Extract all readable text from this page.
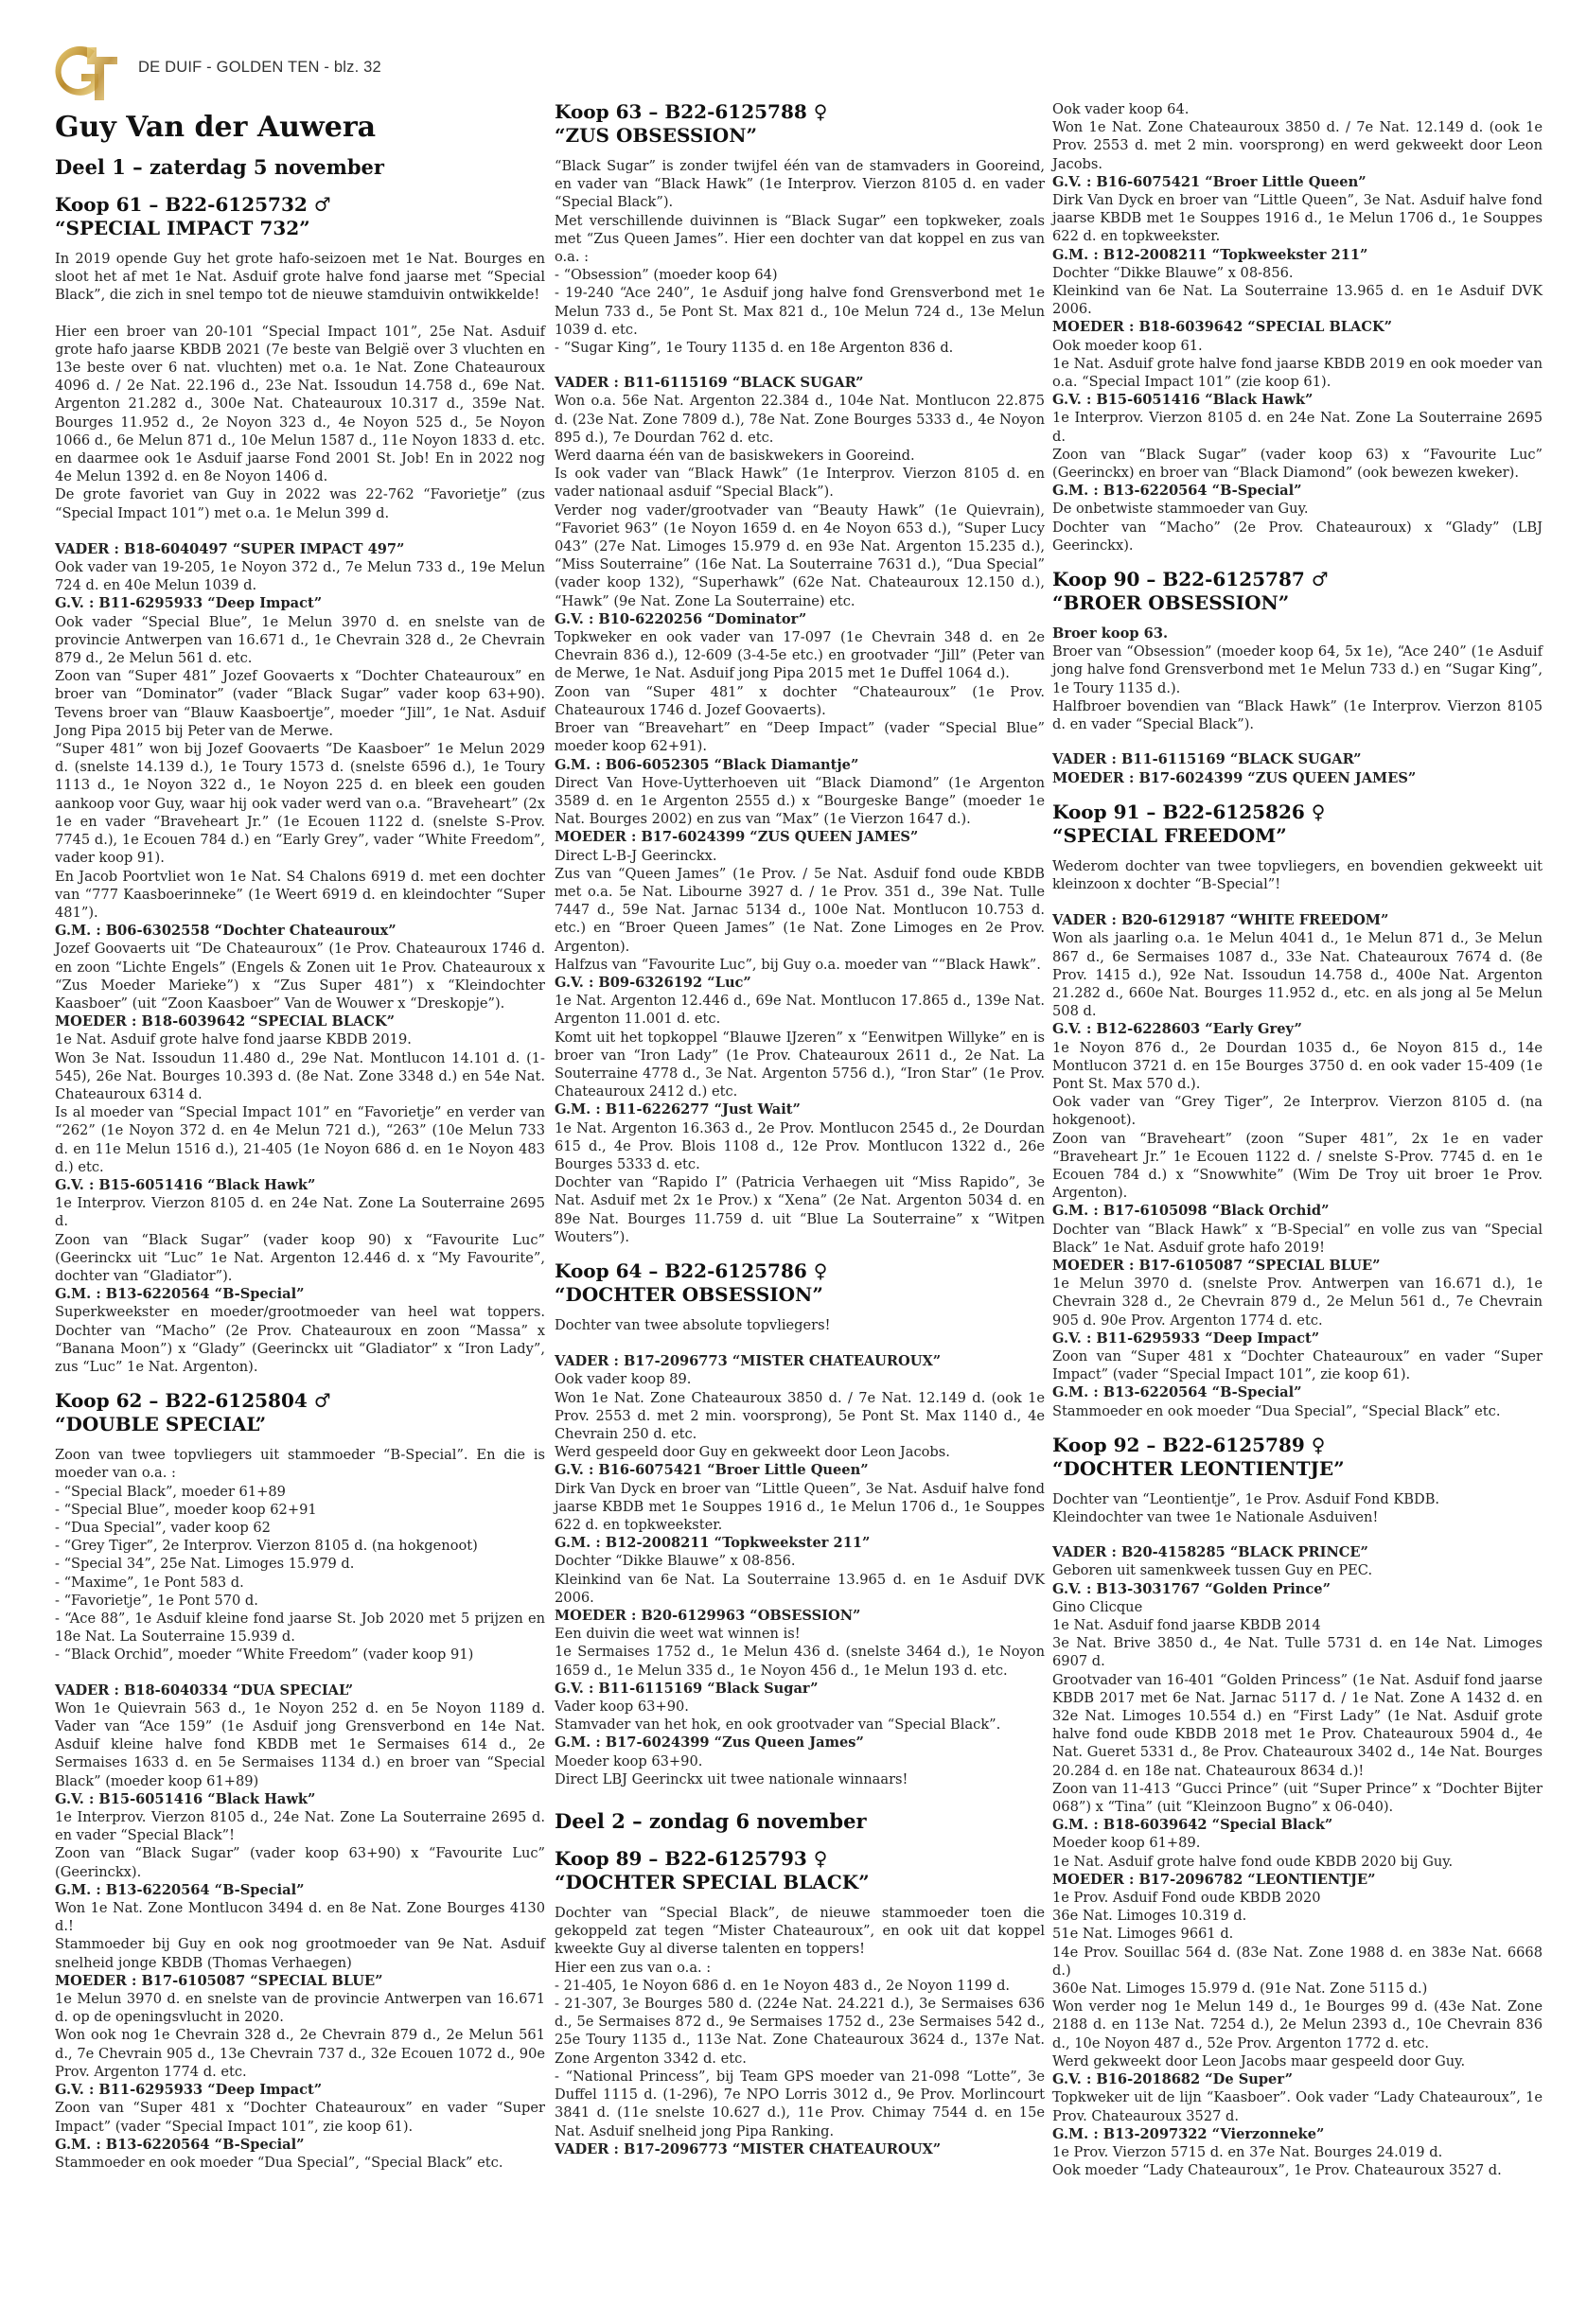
DE DUIF - GOLDEN TEN - blz. 32
Guy Van der Auwera
Deel 1 – zaterdag 5 november
Koop 61 – B22-6125732 ♂
“SPECIAL IMPACT 732”

In 2019 opende Guy het grote hafo-seizoen met 1e Nat. Bourges en sloot het af met 1e Nat. Asduif grote halve fond jaarse met “Special Black”, die zich in snel tempo tot de nieuwe stamduivin ontwikkelde!

Hier een broer van 20-101 “Special Impact 101”, 25e Nat. Asduif grote hafo jaarse KBDB 2021 (7e beste van België over 3 vluchten en 13e beste over 6 nat. vluchten) met o.a. 1e Nat. Zone Chateauroux 4096 d. / 2e Nat. 22.196 d., 23e Nat. Issoudun 14.758 d., 69e Nat. Argenton 21.282 d., 300e Nat. Chateauroux 10.317 d., 359e Nat. Bourges 11.952 d., 2e Noyon 323 d., 4e Noyon 525 d., 5e Noyon 1066 d., 6e Melun 871 d., 10e Melun 1587 d., 11e Noyon 1833 d. etc. en daarmee ook 1e Asduif jaarse Fond 2001 St. Job! En in 2022 nog 4e Melun 1392 d. en 8e Noyon 1406 d.

De grote favoriet van Guy in 2022 was 22-762 “Favorietje” (zus “Special Impact 101”) met o.a. 1e Melun 399 d.

VADER : B18-6040497 “SUPER IMPACT 497”

Ook vader van 19-205, 1e Noyon 372 d., 7e Melun 733 d., 19e Melun 724 d. en 40e Melun 1039 d.

G.V. : B11-6295933 “Deep Impact”

Ook vader “Special Blue”, 1e Melun 3970 d. en snelste van de provincie Antwerpen van 16.671 d., 1e Chevrain 328 d., 2e Chevrain 879 d., 2e Melun 561 d. etc.

Zoon van “Super 481” Jozef Goovaerts x “Dochter Chateauroux” en broer van “Dominator” (vader “Black Sugar” vader koop 63+90). Tevens broer van “Blauw Kaasboertje”, moeder “Jill”, 1e Nat. Asduif Jong Pipa 2015 bij Peter van de Merwe.

“Super 481” won bij Jozef Goovaerts “De Kaasboer” 1e Melun 2029 d. (snelste 14.139 d.), 1e Toury 1573 d. (snelste 6596 d.), 1e Toury 1113 d., 1e Noyon 322 d., 1e Noyon 225 d. en bleek een gouden aankoop voor Guy, waar hij ook vader werd van o.a. “Braveheart” (2x 1e en vader “Braveheart Jr.” (1e Ecouen 1122 d. (snelste S-Prov. 7745 d.), 1e Ecouen 784 d.) en “Early Grey”, vader “White Freedom”, vader koop 91).

En Jacob Poortvliet won 1e Nat. S4 Chalons 6919 d. met een dochter van “777 Kaasboerinneke” (1e Weert 6919 d. en kleindochter “Super 481”).

G.M. : B06-6302558 “Dochter Chateauroux”

Jozef Goovaerts uit “De Chateauroux” (1e Prov. Chateauroux 1746 d. en zoon “Lichte Engels” (Engels & Zonen uit 1e Prov. Chateauroux x “Zus Moeder Marieke”) x “Zus Super 481”) x “Kleindochter Kaasboer” (uit “Zoon Kaasboer” Van de Wouwer x “Dreskopje”).

MOEDER : B18-6039642 “SPECIAL BLACK”

1e Nat. Asduif grote halve fond jaarse KBDB 2019.

Won 3e Nat. Issoudun 11.480 d., 29e Nat. Montlucon 14.101 d. (1-545), 26e Nat. Bourges 10.393 d. (8e Nat. Zone 3348 d.) en 54e Nat. Chateauroux 6314 d.

Is al moeder van “Special Impact 101” en “Favorietje” en verder van “262” (1e Noyon 372 d. en 4e Melun 721 d.), “263” (10e Melun 733 d. en 11e Melun 1516 d.), 21-405 (1e Noyon 686 d. en 1e Noyon 483 d.) etc.

G.V. : B15-6051416 “Black Hawk”

1e Interprov. Vierzon 8105 d. en 24e Nat. Zone La Souterraine 2695 d.

Zoon van “Black Sugar” (vader koop 90) x “Favourite Luc” (Geerinckx uit “Luc” 1e Nat. Argenton 12.446 d. x “My Favourite”, dochter van “Gladiator”).

G.M. : B13-6220564 “B-Special”

Superkweekster en moeder/grootmoeder van heel wat toppers. Dochter van “Macho” (2e Prov. Chateauroux en zoon “Massa” x “Banana Moon”) x “Glady” (Geerinckx uit “Gladiator” x “Iron Lady”, zus “Luc” 1e Nat. Argenton).

Koop 62 – B22-6125804 ♂
“DOUBLE SPECIAL”

Zoon van twee topvliegers uit stammoeder “B-Special”. En die is moeder van o.a. :

- “Special Black”, moeder 61+89

- “Special Blue”, moeder koop 62+91

- “Dua Special”, vader koop 62

- “Grey Tiger”, 2e Interprov. Vierzon 8105 d. (na hokgenoot)

- “Special 34”, 25e Nat. Limoges 15.979 d.

- “Maxime”, 1e Pont 583 d.

- “Favorietje”, 1e Pont 570 d.

- “Ace 88”, 1e Asduif kleine fond jaarse St. Job 2020 met 5 prijzen en 18e Nat. La Souterraine 15.939 d.

- “Black Orchid”, moeder “White Freedom” (vader koop 91)

VADER : B18-6040334 “DUA SPECIAL”

Won 1e Quievrain 563 d., 1e Noyon 252 d. en 5e Noyon 1189 d. Vader van “Ace 159” (1e Asduif jong Grensverbond en 14e Nat. Asduif kleine halve fond KBDB met 1e Sermaises 614 d., 2e Sermaises 1633 d. en 5e Sermaises 1134 d.) en broer van “Special Black” (moeder koop 61+89)

G.V. : B15-6051416 “Black Hawk”

1e Interprov. Vierzon 8105 d., 24e Nat. Zone La Souterraine 2695 d. en vader “Special Black”!

Zoon van “Black Sugar” (vader koop 63+90) x “Favourite Luc” (Geerinckx).

G.M. : B13-6220564 “B-Special”

Won 1e Nat. Zone Montlucon 3494 d. en 8e Nat. Zone Bourges 4130 d.!

Stammoeder bij Guy en ook nog grootmoeder van 9e Nat. Asduif snelheid jonge KBDB (Thomas Verhaegen)

MOEDER : B17-6105087 “SPECIAL BLUE”

1e Melun 3970 d. en snelste van de provincie Antwerpen van 16.671 d. op de openingsvlucht in 2020.

Won ook nog 1e Chevrain 328 d., 2e Chevrain 879 d., 2e Melun 561 d., 7e Chevrain 905 d., 13e Chevrain 737 d., 32e Ecouen 1072 d., 90e Prov. Argenton 1774 d. etc.

G.V. : B11-6295933 “Deep Impact”

Zoon van “Super 481 x “Dochter Chateauroux” en vader “Super Impact” (vader “Special Impact 101”, zie koop 61).

G.M. : B13-6220564 “B-Special”

Stammoeder en ook moeder “Dua Special”, “Special Black” etc.

Koop 63 – B22-6125788 ♀
“ZUS OBSESSION”

“Black Sugar” is zonder twijfel één van de stamvaders in Gooreind, en vader van “Black Hawk” (1e Interprov. Vierzon 8105 d. en vader “Special Black”).

Met verschillende duivinnen is “Black Sugar” een topkweker, zoals met “Zus Queen James”. Hier een dochter van dat koppel en zus van o.a. :

- “Obsession” (moeder koop 64)

- 19-240 “Ace 240”, 1e Asduif jong halve fond Grensverbond met 1e Melun 733 d., 5e Pont St. Max 821 d., 10e Melun 724 d., 13e Melun 1039 d. etc.

- “Sugar King”, 1e Toury 1135 d. en 18e Argenton 836 d.

VADER : B11-6115169 “BLACK SUGAR”

Won o.a. 56e Nat. Argenton 22.384 d., 104e Nat. Montlucon 22.875 d. (23e Nat. Zone 7809 d.), 78e Nat. Zone Bourges 5333 d., 4e Noyon 895 d.), 7e Dourdan 762 d. etc.

Werd daarna één van de basiskwekers in Gooreind.

Is ook vader van “Black Hawk” (1e Interprov. Vierzon 8105 d. en vader nationaal asduif “Special Black”).

Verder nog vader/grootvader van “Beauty Hawk” (1e Quievrain), “Favoriet 963” (1e Noyon 1659 d. en 4e Noyon 653 d.), “Super Lucy 043” (27e Nat. Limoges 15.979 d. en 93e Nat. Argenton 15.235 d.), “Miss Souterraine” (16e Nat. La Souterraine 7631 d.), “Dua Special” (vader koop 132), “Superhawk” (62e Nat. Chateauroux 12.150 d.), “Hawk” (9e Nat. Zone La Souterraine) etc.

G.V. : B10-6220256 “Dominator”

Topkweker en ook vader van 17-097 (1e Chevrain 348 d. en 2e Chevrain 836 d.), 12-609 (3-4-5e etc.) en grootvader “Jill” (Peter van de Merwe, 1e Nat. Asduif jong Pipa 2015 met 1e Duffel 1064 d.).

Zoon van “Super 481” x dochter “Chateauroux” (1e Prov. Chateauroux 1746 d. Jozef Goovaerts).

Broer van “Breavehart” en “Deep Impact” (vader “Special Blue” moeder koop 62+91).

G.M. : B06-6052305 “Black Diamantje”

Direct Van Hove-Uytterhoeven uit “Black Diamond” (1e Argenton 3589 d. en 1e Argenton 2555 d.) x “Bourgeske Bange” (moeder 1e Nat. Bourges 2002) en zus van “Max” (1e Vierzon 1647 d.).

MOEDER : B17-6024399 “ZUS QUEEN JAMES”

Direct L-B-J Geerinckx.

Zus van “Queen James” (1e Prov. / 5e Nat. Asduif fond oude KBDB met o.a. 5e Nat. Libourne 3927 d. / 1e Prov. 351 d., 39e Nat. Tulle 7447 d., 59e Nat. Jarnac 5134 d., 100e Nat. Montlucon 10.753 d. etc.) en “Broer Queen James” (1e Nat. Zone Limoges en 2e Prov. Argenton).

Halfzus van “Favourite Luc”, bij Guy o.a. moeder van ““Black Hawk”.

G.V. : B09-6326192 “Luc”

1e Nat. Argenton 12.446 d., 69e Nat. Montlucon 17.865 d., 139e Nat. Argenton 11.001 d. etc.

Komt uit het topkoppel “Blauwe IJzeren” x “Eenwitpen Willyke” en is broer van “Iron Lady” (1e Prov. Chateauroux 2611 d., 2e Nat. La Souterraine 4778 d., 3e Nat. Argenton 5756 d.), “Iron Star” (1e Prov. Chateauroux 2412 d.) etc.

G.M. : B11-6226277 “Just Wait”

1e Nat. Argenton 16.363 d., 2e Prov. Montlucon 2545 d., 2e Dourdan 615 d., 4e Prov. Blois 1108 d., 12e Prov. Montlucon 1322 d., 26e Bourges 5333 d. etc.

Dochter van “Rapido I” (Patricia Verhaegen uit “Miss Rapido”, 3e Nat. Asduif met 2x 1e Prov.) x “Xena” (2e Nat. Argenton 5034 d. en 89e Nat. Bourges 11.759 d. uit “Blue La Souterraine” x “Witpen Wouters”).

Koop 64 – B22-6125786 ♀
“DOCHTER OBSESSION”

Dochter van twee absolute topvliegers!

VADER : B17-2096773 “MISTER CHATEAUROUX”

Ook vader koop 89.

Won 1e Nat. Zone Chateauroux 3850 d. / 7e Nat. 12.149 d. (ook 1e Prov. 2553 d. met 2 min. voorsprong), 5e Pont St. Max 1140 d., 4e Chevrain 250 d. etc.

Werd gespeeld door Guy en gekweekt door Leon Jacobs.

G.V. : B16-6075421 “Broer Little Queen”

Dirk Van Dyck en broer van “Little Queen”, 3e Nat. Asduif halve fond jaarse KBDB met 1e Souppes 1916 d., 1e Melun 1706 d., 1e Souppes 622 d. en topkweekster.

G.M. : B12-2008211 “Topkweekster 211”

Dochter “Dikke Blauwe” x 08-856.

Kleinkind van 6e Nat. La Souterraine 13.965 d. en 1e Asduif DVK 2006.

MOEDER : B20-6129963 “OBSESSION”

Een duivin die weet wat winnen is!

1e Sermaises 1752 d., 1e Melun 436 d. (snelste 3464 d.), 1e Noyon 1659 d., 1e Melun 335 d., 1e Noyon 456 d., 1e Melun 193 d. etc.

G.V. : B11-6115169 “Black Sugar”

Vader koop 63+90.

Stamvader van het hok, en ook grootvader van “Special Black”.

G.M. : B17-6024399 “Zus Queen James”

Moeder koop 63+90.

Direct LBJ Geerinckx uit twee nationale winnaars!

Deel 2 – zondag 6 november
Koop 89 – B22-6125793 ♀
“DOCHTER SPECIAL BLACK”

Dochter van “Special Black”, de nieuwe stammoeder toen die gekoppeld zat tegen “Mister Chateauroux”, en ook uit dat koppel kweekte Guy al diverse talenten en toppers!

Hier een zus van o.a. :

- 21-405, 1e Noyon 686 d. en 1e Noyon 483 d., 2e Noyon 1199 d.

- 21-307, 3e Bourges 580 d. (224e Nat. 24.221 d.), 3e Sermaises 636 d., 5e Sermaises 872 d., 9e Sermaises 1752 d., 23e Sermaises 542 d., 25e Toury 1135 d., 113e Nat. Zone Chateauroux 3624 d., 137e Nat. Zone Argenton 3342 d. etc.

- “National Princess”, bij Team GPS moeder van 21-098 “Lotte”, 3e Duffel 1115 d. (1-296), 7e NPO Lorris 3012 d., 9e Prov. Morlincourt 3841 d. (11e snelste 10.627 d.), 11e Prov. Chimay 7544 d. en 15e Nat. Asduif snelheid jong Pipa Ranking.

VADER : B17-2096773 “MISTER CHATEAUROUX”

Ook vader koop 64.

Won 1e Nat. Zone Chateauroux 3850 d. / 7e Nat. 12.149 d. (ook 1e Prov. 2553 d. met 2 min. voorsprong) en werd gekweekt door Leon Jacobs.

G.V. : B16-6075421 “Broer Little Queen”

Dirk Van Dyck en broer van “Little Queen”, 3e Nat. Asduif halve fond jaarse KBDB met 1e Souppes 1916 d., 1e Melun 1706 d., 1e Souppes 622 d. en topkweekster.

G.M. : B12-2008211 “Topkweekster 211”

Dochter “Dikke Blauwe” x 08-856.

Kleinkind van 6e Nat. La Souterraine 13.965 d. en 1e Asduif DVK 2006.

MOEDER : B18-6039642 “SPECIAL BLACK”

Ook moeder koop 61.

1e Nat. Asduif grote halve fond jaarse KBDB 2019 en ook moeder van o.a. “Special Impact 101” (zie koop 61).

G.V. : B15-6051416 “Black Hawk”

1e Interprov. Vierzon 8105 d. en 24e Nat. Zone La Souterraine 2695 d.

Zoon van “Black Sugar” (vader koop 63) x “Favourite Luc” (Geerinckx) en broer van “Black Diamond” (ook bewezen kweker).

G.M. : B13-6220564 “B-Special”

De onbetwiste stammoeder van Guy.

Dochter van “Macho” (2e Prov. Chateauroux) x “Glady” (LBJ Geerinckx).

Koop 90 – B22-6125787 ♂
“BROER OBSESSION”

Broer koop 63.

Broer van “Obsession” (moeder koop 64, 5x 1e), “Ace 240” (1e Asduif jong halve fond Grensverbond met 1e Melun 733 d.) en “Sugar King”, 1e Toury 1135 d.).

Halfbroer bovendien van “Black Hawk” (1e Interprov. Vierzon 8105 d. en vader “Special Black”).

VADER : B11-6115169 “BLACK SUGAR”

MOEDER : B17-6024399 “ZUS QUEEN JAMES”

Koop 91 – B22-6125826 ♀
“SPECIAL FREEDOM”

Wederom dochter van twee topvliegers, en bovendien gekweekt uit kleinzoon x dochter “B-Special”!

VADER : B20-6129187 “WHITE FREEDOM”

Won als jaarling o.a. 1e Melun 4041 d., 1e Melun 871 d., 3e Melun 867 d., 6e Sermaises 1087 d., 33e Nat. Chateauroux 7674 d. (8e Prov. 1415 d.), 92e Nat. Issoudun 14.758 d., 400e Nat. Argenton 21.282 d., 660e Nat. Bourges 11.952 d., etc. en als jong al 5e Melun 508 d.

G.V. : B12-6228603 “Early Grey”

1e Noyon 876 d., 2e Dourdan 1035 d., 6e Noyon 815 d., 14e Montlucon 3721 d. en 15e Bourges 3750 d. en ook vader 15-409 (1e Pont St. Max 570 d.).

Ook vader van “Grey Tiger”, 2e Interprov. Vierzon 8105 d. (na hokgenoot).

Zoon van “Braveheart” (zoon “Super 481”, 2x 1e en vader “Braveheart Jr.” 1e Ecouen 1122 d. / snelste S-Prov. 7745 d. en 1e Ecouen 784 d.) x “Snowwhite” (Wim De Troy uit broer 1e Prov. Argenton).

G.M. : B17-6105098 “Black Orchid”

Dochter van “Black Hawk” x “B-Special” en volle zus van “Special Black” 1e Nat. Asduif grote hafo 2019!

MOEDER : B17-6105087 “SPECIAL BLUE”

1e Melun 3970 d. (snelste Prov. Antwerpen van 16.671 d.), 1e Chevrain 328 d., 2e Chevrain 879 d., 2e Melun 561 d., 7e Chevrain 905 d. 90e Prov. Argenton 1774 d. etc.

G.V. : B11-6295933 “Deep Impact”

Zoon van “Super 481 x “Dochter Chateauroux” en vader “Super Impact” (vader “Special Impact 101”, zie koop 61).

G.M. : B13-6220564 “B-Special”

Stammoeder en ook moeder “Dua Special”, “Special Black” etc.

Koop 92 – B22-6125789 ♀
“DOCHTER LEONTIENTJE”

Dochter van “Leontientje”, 1e Prov. Asduif Fond KBDB.

Kleindochter van twee 1e Nationale Asduiven!

VADER : B20-4158285 “BLACK PRINCE”

Geboren uit samenkweek tussen Guy en PEC.

G.V. : B13-3031767 “Golden Prince”

Gino Clicque

1e Nat. Asduif fond jaarse KBDB 2014

3e Nat. Brive 3850 d., 4e Nat. Tulle 5731 d. en 14e Nat. Limoges 6907 d.

Grootvader van 16-401 “Golden Princess” (1e Nat. Asduif fond jaarse KBDB 2017 met 6e Nat. Jarnac 5117 d. / 1e Nat. Zone A 1432 d. en 32e Nat. Limoges 10.554 d.) en “First Lady” (1e Nat. Asduif grote halve fond oude KBDB 2018 met 1e Prov. Chateauroux 5904 d., 4e Nat. Gueret 5331 d., 8e Prov. Chateauroux 3402 d., 14e Nat. Bourges 20.284 d. en 18e nat. Chateauroux 8634 d.)!

Zoon van 11-413 “Gucci Prince” (uit “Super Prince” x “Dochter Bijter 068”) x “Tina” (uit “Kleinzoon Bugno” x 06-040).

G.M. : B18-6039642 “Special Black”

Moeder koop 61+89.

1e Nat. Asduif grote halve fond oude KBDB 2020 bij Guy.

MOEDER : B17-2096782 “LEONTIENTJE”

1e Prov. Asduif Fond oude KBDB 2020

36e Nat. Limoges 10.319 d.

51e Nat. Limoges 9661 d.

14e Prov. Souillac 564 d. (83e Nat. Zone 1988 d. en 383e Nat. 6668 d.)

360e Nat. Limoges 15.979 d. (91e Nat. Zone 5115 d.)

Won verder nog 1e Melun 149 d., 1e Bourges 99 d. (43e Nat. Zone 2188 d. en 113e Nat. 7254 d.), 2e Melun 2393 d., 10e Chevrain 836 d., 10e Noyon 487 d., 52e Prov. Argenton 1772 d. etc.

Werd gekweekt door Leon Jacobs maar gespeeld door Guy.

G.V. : B16-2018682 “De Super”

Topkweker uit de lijn “Kaasboer”. Ook vader “Lady Chateauroux”, 1e Prov. Chateauroux 3527 d.

G.M. : B13-2097322 “Vierzonneke”

1e Prov. Vierzon 5715 d. en 37e Nat. Bourges 24.019 d.

Ook moeder “Lady Chateauroux”, 1e Prov. Chateauroux 3527 d.
